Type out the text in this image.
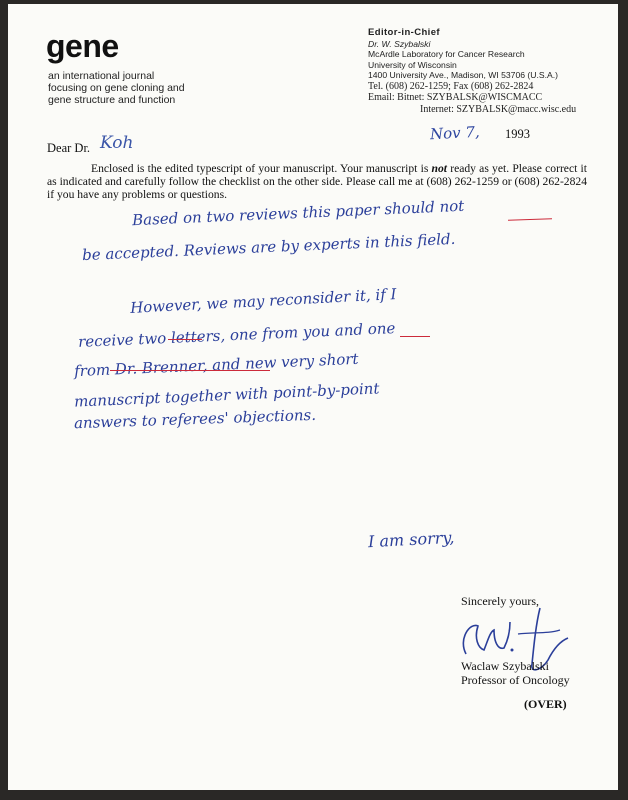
gene
an international journal
focusing on gene cloning and
gene structure and function
Editor-in-Chief
Dr. W. Szybalski
McArdle Laboratory for Cancer Research
University of Wisconsin
1400 University Ave., Madison, WI 53706 (U.S.A.)
Tel. (608) 262-1259; Fax (608) 262-2824
Email: Bitnet: SZYBALSK@WISCMACC
Internet: SZYBALSK@macc.wisc.edu
Dear Dr. Koh	Nov 7, 1993
Enclosed is the edited typescript of your manuscript. Your manuscript is not ready as yet. Please correct it as indicated and carefully follow the checklist on the other side. Please call me at (608) 262-1259 or (608) 262-2824 if you have any problems or questions.
Based on two reviews this paper should not
be accepted. Reviews are by experts in this field.
However, we may reconsider it, if I
receive two letters, one from you and one
from Dr. Brenner, and new very short
manuscript together with point-by-point
answers to referees' objections.
I am sorry,
Sincerely yours,
Waclaw Szybalski
Professor of Oncology
(OVER)
